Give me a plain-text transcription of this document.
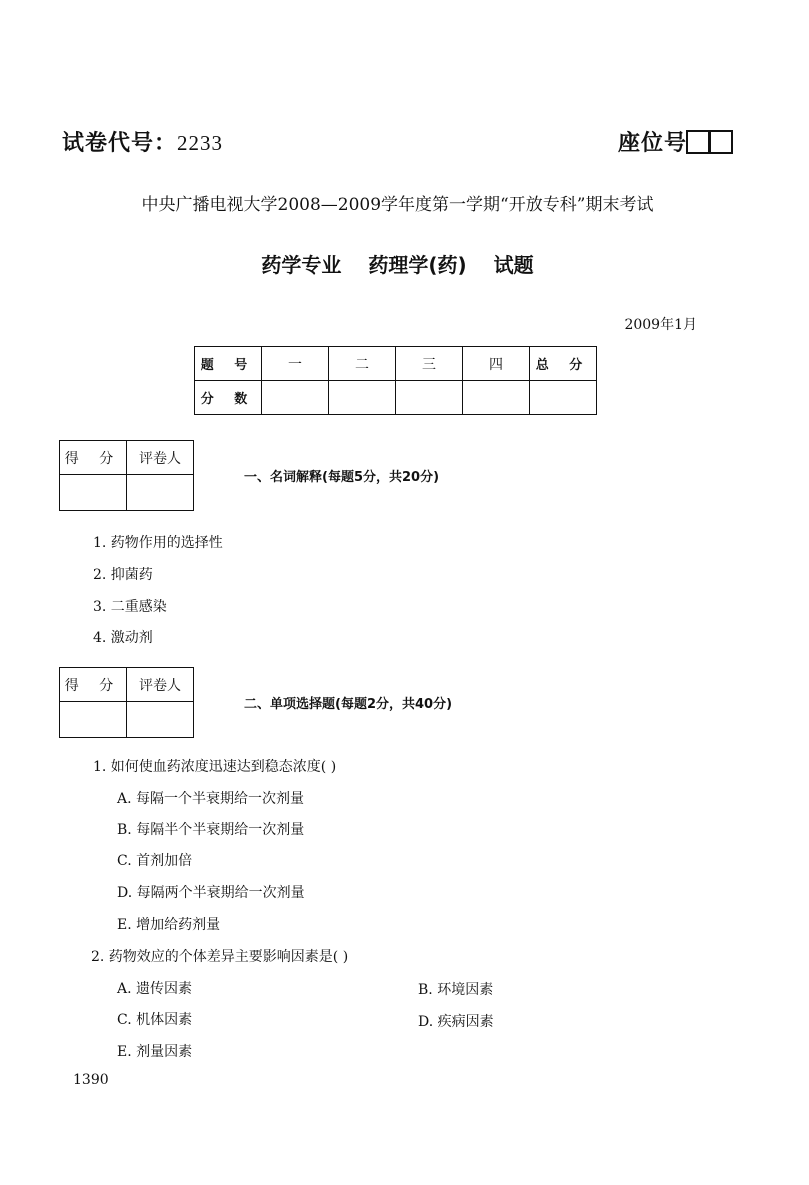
试卷代号：2233	座位号
中央广播电视大学2008—2009学年度第一学期“开放专科”期末考试
药学专业 药理学(药) 试题
2009年1月
题 号	一	二	三	四	总 分
分 数					
得 分	评卷人

一、名词解释(每题5分，共20分)
1. 药物作用的选择性
2. 抑菌药
3. 二重感染
4. 激动剂
得 分	评卷人

二、单项选择题(每题2分，共40分)
1. 如何使血药浓度迅速达到稳态浓度( )
A. 每隔一个半衰期给一次剂量
B. 每隔半个半衰期给一次剂量
C. 首剂加倍
D. 每隔两个半衰期给一次剂量
E. 增加给药剂量
2. 药物效应的个体差异主要影响因素是( )
A. 遗传因素	B. 环境因素
C. 机体因素	D. 疾病因素
E. 剂量因素
1390
